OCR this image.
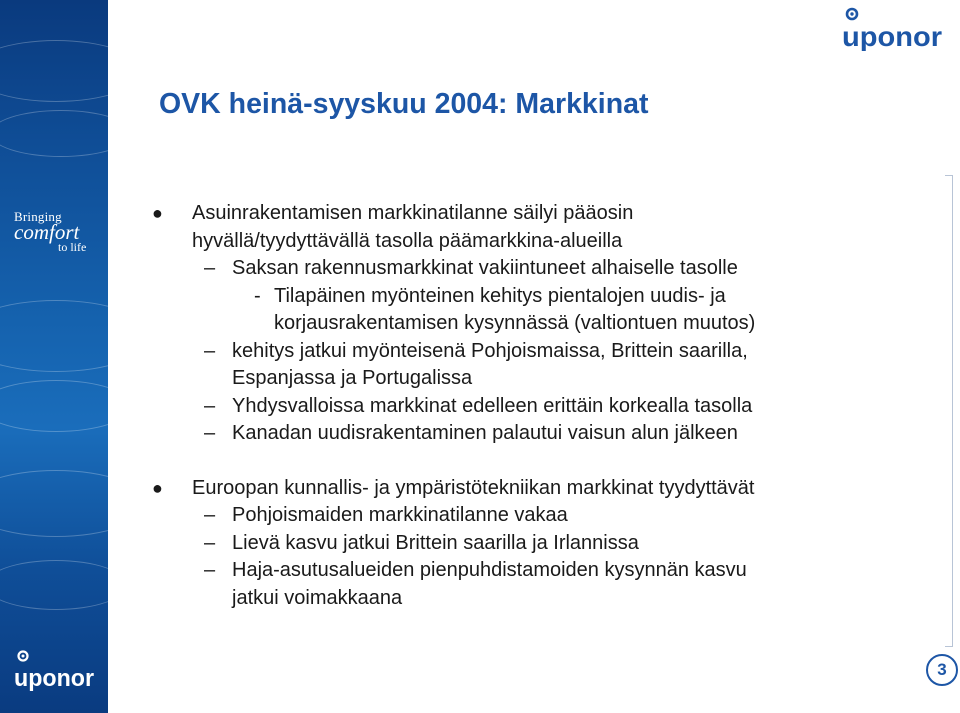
Bringing
comfort
to life
uponor
uponor
OVK heinä-syyskuu 2004: Markkinat
● Asuinrakentamisen markkinatilanne säilyi pääosin
hyvällä/tyydyttävällä tasolla päämarkkina-alueilla
– Saksan rakennusmarkkinat vakiintuneet alhaiselle tasolle
- Tilapäinen myönteinen kehitys pientalojen uudis- ja
korjausrakentamisen kysynnässä (valtiontuen muutos)
– kehitys jatkui myönteisenä Pohjoismaissa, Brittein saarilla,
Espanjassa ja Portugalissa
– Yhdysvalloissa markkinat edelleen erittäin korkealla tasolla
– Kanadan uudisrakentaminen palautui vaisun alun jälkeen
● Euroopan kunnallis- ja ympäristötekniikan markkinat tyydyttävät
– Pohjoismaiden markkinatilanne vakaa
– Lievä kasvu jatkui Brittein saarilla ja Irlannissa
– Haja-asutusalueiden pienpuhdistamoiden kysynnän kasvu
jatkui voimakkaana
3
